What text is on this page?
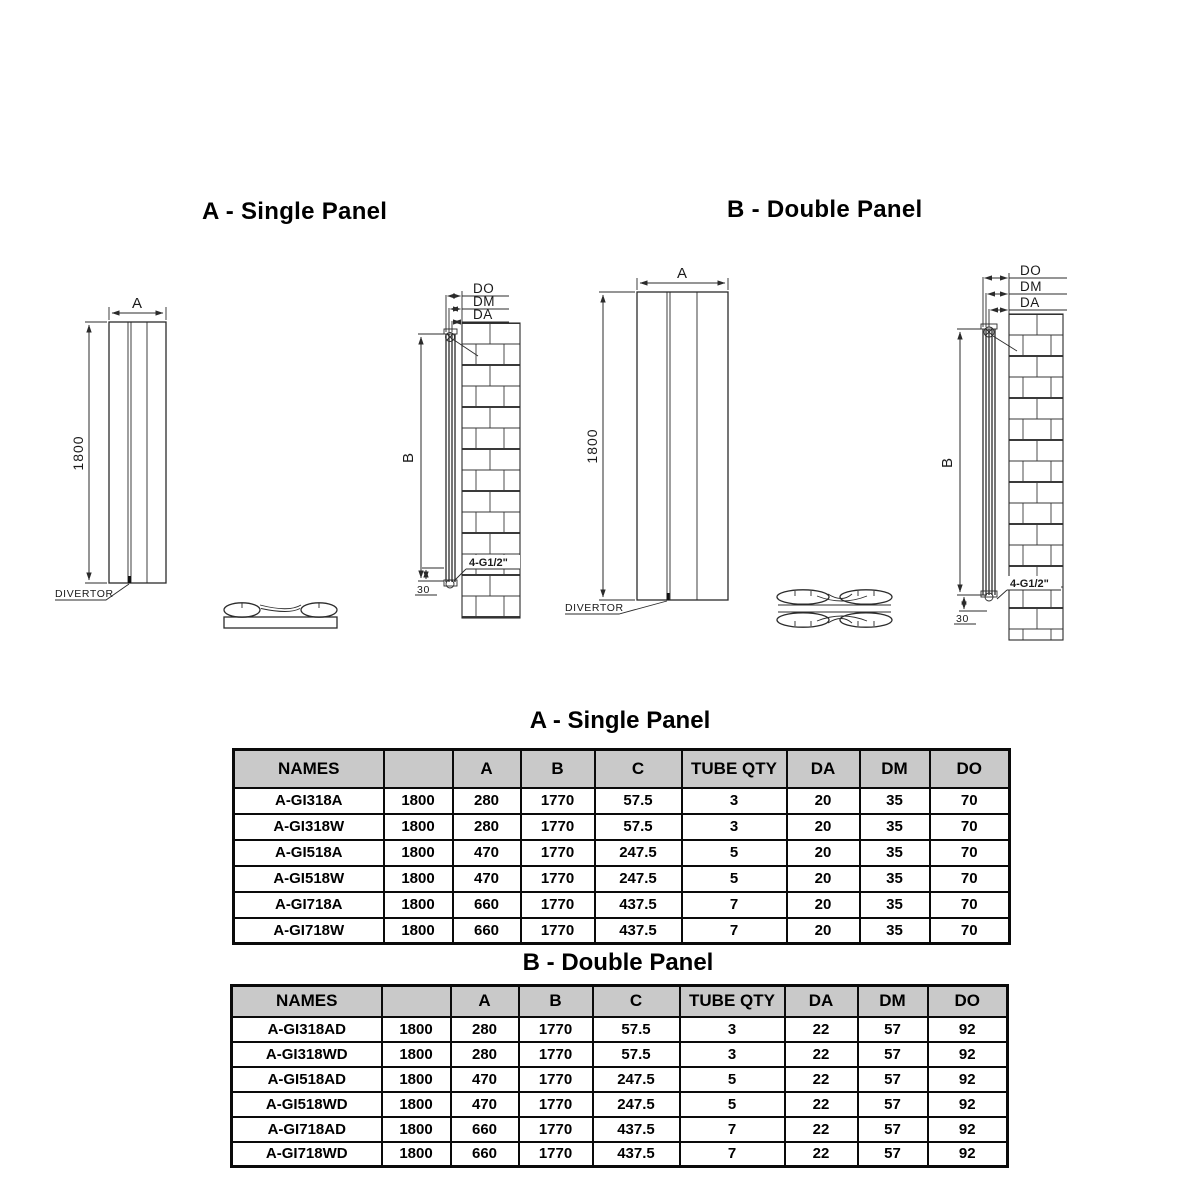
A - Single Panel	B - Double Panel
A
1800
DIVERTOR
DO
DM
DA
B
30
4-G1/2"
A
1800
DIVERTOR
DO
DM
DA
B
30
4-G1/2"
A - Single Panel
NAMES		A	B	C	TUBE QTY	DA	DM	DO
A-GI318A	1800	280	1770	57.5	3	20	35	70
A-GI318W	1800	280	1770	57.5	3	20	35	70
A-GI518A	1800	470	1770	247.5	5	20	35	70
A-GI518W	1800	470	1770	247.5	5	20	35	70
A-GI718A	1800	660	1770	437.5	7	20	35	70
A-GI718W	1800	660	1770	437.5	7	20	35	70
B - Double Panel
NAMES		A	B	C	TUBE QTY	DA	DM	DO
A-GI318AD	1800	280	1770	57.5	3	22	57	92
A-GI318WD	1800	280	1770	57.5	3	22	57	92
A-GI518AD	1800	470	1770	247.5	5	22	57	92
A-GI518WD	1800	470	1770	247.5	5	22	57	92
A-GI718AD	1800	660	1770	437.5	7	22	57	92
A-GI718WD	1800	660	1770	437.5	7	22	57	92
